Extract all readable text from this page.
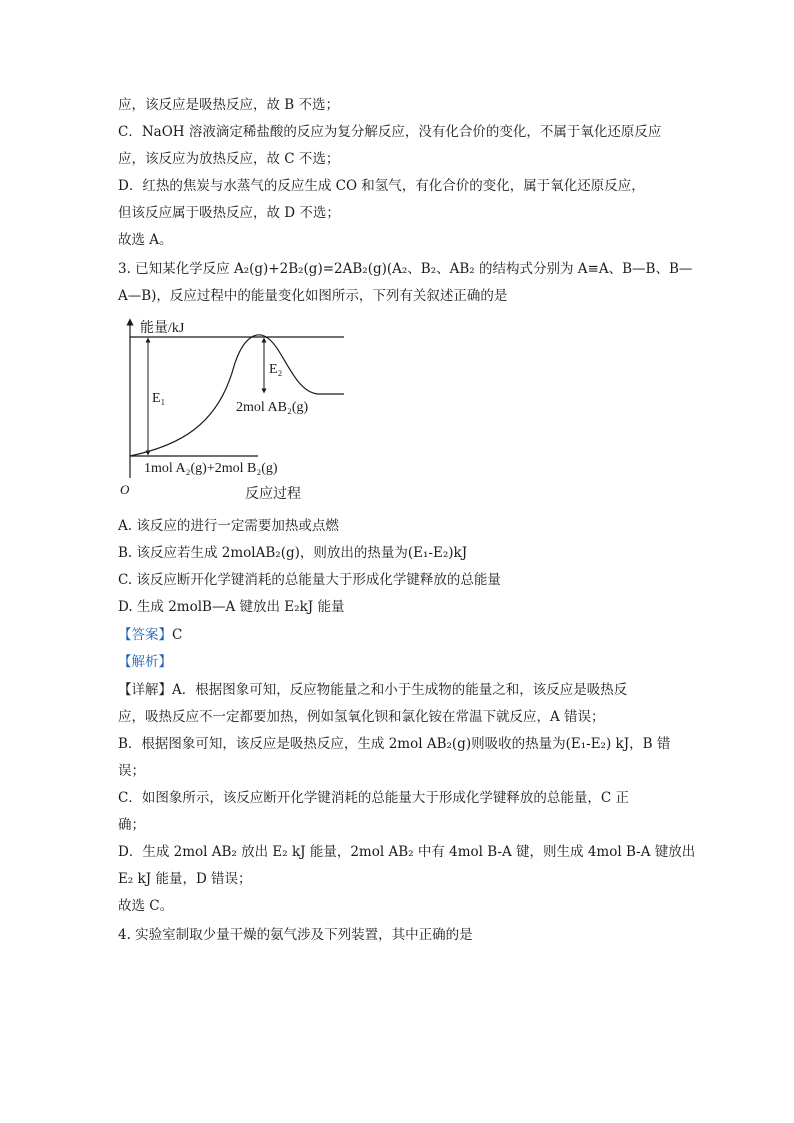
应，该反应是吸热反应，故 B 不选；
C．NaOH 溶液滴定稀盐酸的反应为复分解反应，没有化合价的变化，不属于氧化还原反应
应，该反应为放热反应，故 C 不选；
D．红热的焦炭与水蒸气的反应生成 CO 和氢气，有化合价的变化，属于氧化还原反应，
但该反应属于吸热反应，故 D 不选；
故选 A。
3. 已知某化学反应 A₂(g)+2B₂(g)=2AB₂(g)(A₂、B₂、AB₂ 的结构式分别为 A≡A、B—B、B—
A—B)，反应过程中的能量变化如图所示，下列有关叙述正确的是
能量/kJ
E₁
E₂
2mol AB₂(g)
1mol A₂(g)+2mol B₂(g)
O	反应过程
A. 该反应的进行一定需要加热或点燃
B. 该反应若生成 2molAB₂(g)，则放出的热量为(E₁-E₂)kJ
C. 该反应断开化学键消耗的总能量大于形成化学键释放的总能量
D. 生成 2molB—A 键放出 E₂kJ 能量
【答案】C
【解析】
【详解】A．根据图象可知，反应物能量之和小于生成物的能量之和，该反应是吸热反
应，吸热反应不一定都要加热，例如氢氧化钡和氯化铵在常温下就反应，A 错误；
B．根据图象可知，该反应是吸热反应，生成 2mol AB₂(g)则吸收的热量为(E₁-E₂) kJ，B 错
误；
C．如图象所示，该反应断开化学键消耗的总能量大于形成化学键释放的总能量，C 正
确；
D．生成 2mol AB₂ 放出 E₂ kJ 能量，2mol AB₂ 中有 4mol B-A 键，则生成 4mol B-A 键放出
E₂ kJ 能量，D 错误；
故选 C。
4. 实验室制取少量干燥的氨气涉及下列装置，其中正确的是
